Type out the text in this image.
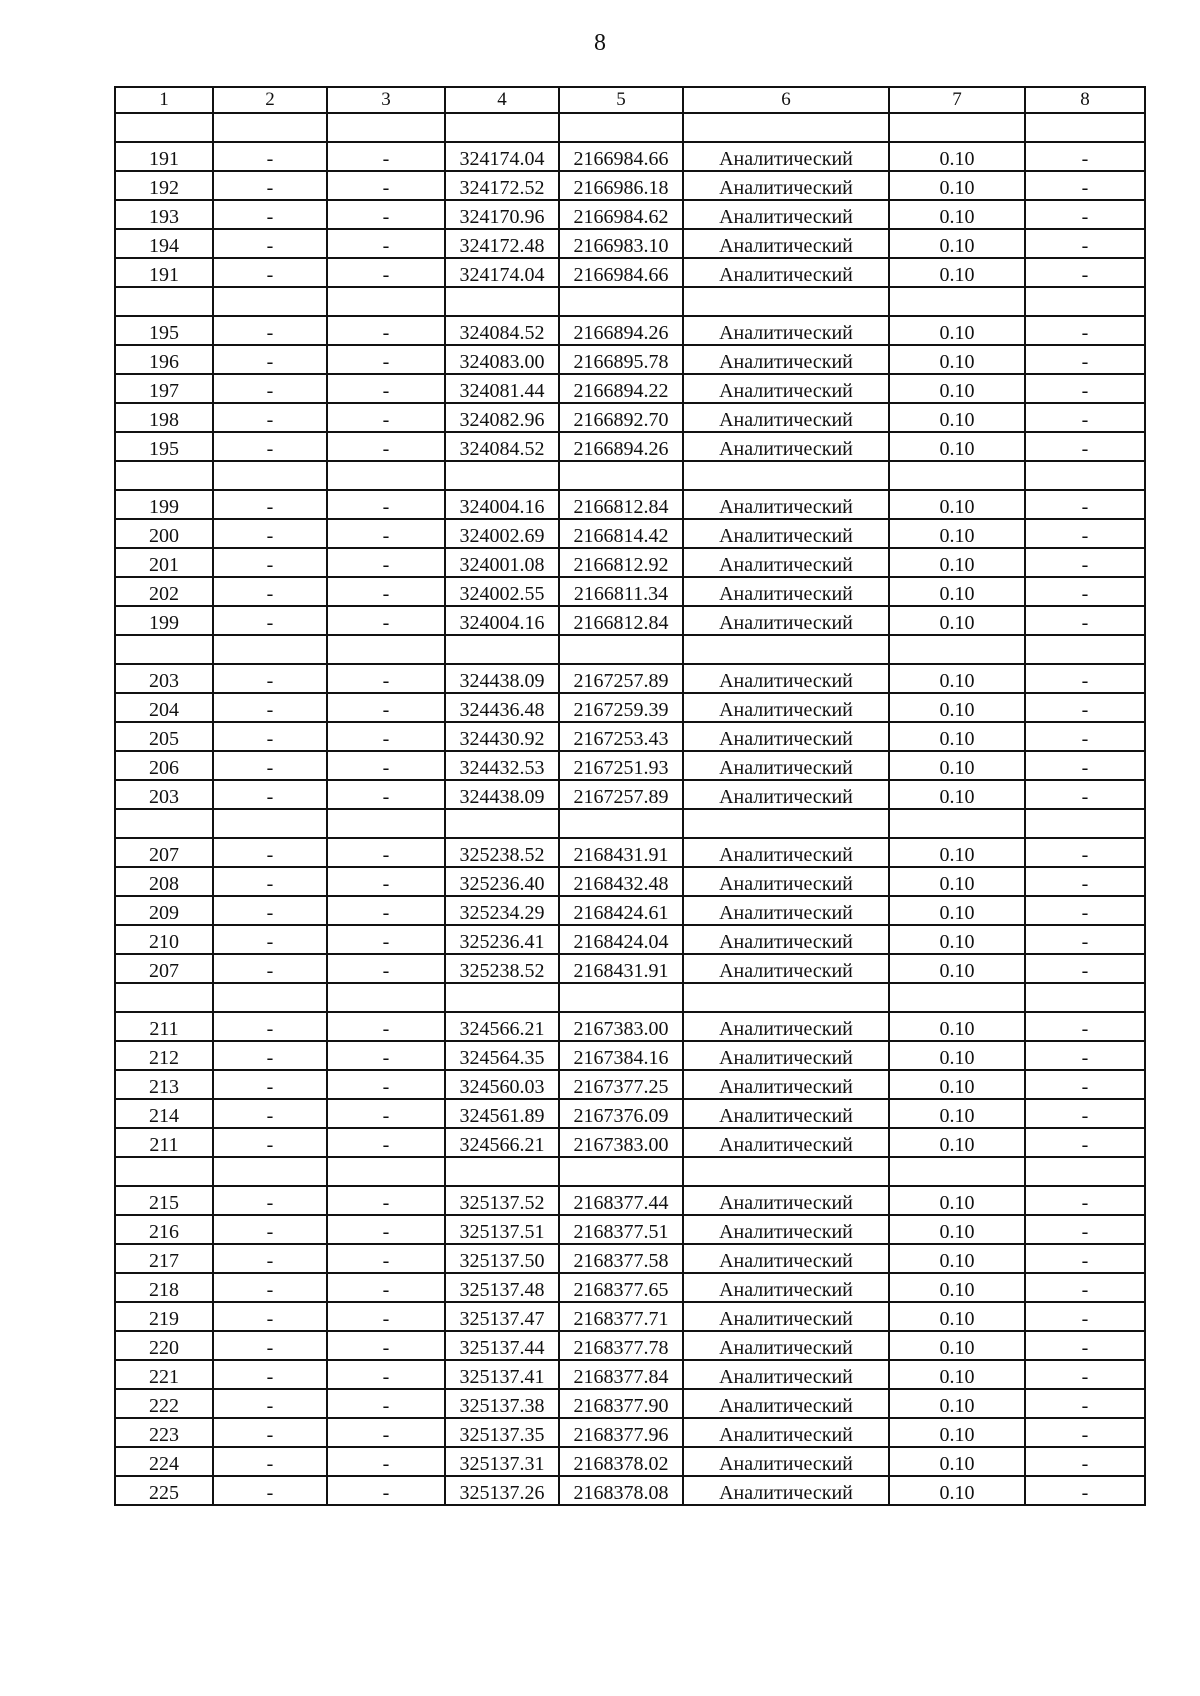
8
1	2	3	4	5	6	7	8

191	-	-	324174.04	2166984.66	Аналитический	0.10	-
192	-	-	324172.52	2166986.18	Аналитический	0.10	-
193	-	-	324170.96	2166984.62	Аналитический	0.10	-
194	-	-	324172.48	2166983.10	Аналитический	0.10	-
191	-	-	324174.04	2166984.66	Аналитический	0.10	-

195	-	-	324084.52	2166894.26	Аналитический	0.10	-
196	-	-	324083.00	2166895.78	Аналитический	0.10	-
197	-	-	324081.44	2166894.22	Аналитический	0.10	-
198	-	-	324082.96	2166892.70	Аналитический	0.10	-
195	-	-	324084.52	2166894.26	Аналитический	0.10	-

199	-	-	324004.16	2166812.84	Аналитический	0.10	-
200	-	-	324002.69	2166814.42	Аналитический	0.10	-
201	-	-	324001.08	2166812.92	Аналитический	0.10	-
202	-	-	324002.55	2166811.34	Аналитический	0.10	-
199	-	-	324004.16	2166812.84	Аналитический	0.10	-

203	-	-	324438.09	2167257.89	Аналитический	0.10	-
204	-	-	324436.48	2167259.39	Аналитический	0.10	-
205	-	-	324430.92	2167253.43	Аналитический	0.10	-
206	-	-	324432.53	2167251.93	Аналитический	0.10	-
203	-	-	324438.09	2167257.89	Аналитический	0.10	-

207	-	-	325238.52	2168431.91	Аналитический	0.10	-
208	-	-	325236.40	2168432.48	Аналитический	0.10	-
209	-	-	325234.29	2168424.61	Аналитический	0.10	-
210	-	-	325236.41	2168424.04	Аналитический	0.10	-
207	-	-	325238.52	2168431.91	Аналитический	0.10	-

211	-	-	324566.21	2167383.00	Аналитический	0.10	-
212	-	-	324564.35	2167384.16	Аналитический	0.10	-
213	-	-	324560.03	2167377.25	Аналитический	0.10	-
214	-	-	324561.89	2167376.09	Аналитический	0.10	-
211	-	-	324566.21	2167383.00	Аналитический	0.10	-

215	-	-	325137.52	2168377.44	Аналитический	0.10	-
216	-	-	325137.51	2168377.51	Аналитический	0.10	-
217	-	-	325137.50	2168377.58	Аналитический	0.10	-
218	-	-	325137.48	2168377.65	Аналитический	0.10	-
219	-	-	325137.47	2168377.71	Аналитический	0.10	-
220	-	-	325137.44	2168377.78	Аналитический	0.10	-
221	-	-	325137.41	2168377.84	Аналитический	0.10	-
222	-	-	325137.38	2168377.90	Аналитический	0.10	-
223	-	-	325137.35	2168377.96	Аналитический	0.10	-
224	-	-	325137.31	2168378.02	Аналитический	0.10	-
225	-	-	325137.26	2168378.08	Аналитический	0.10	-
